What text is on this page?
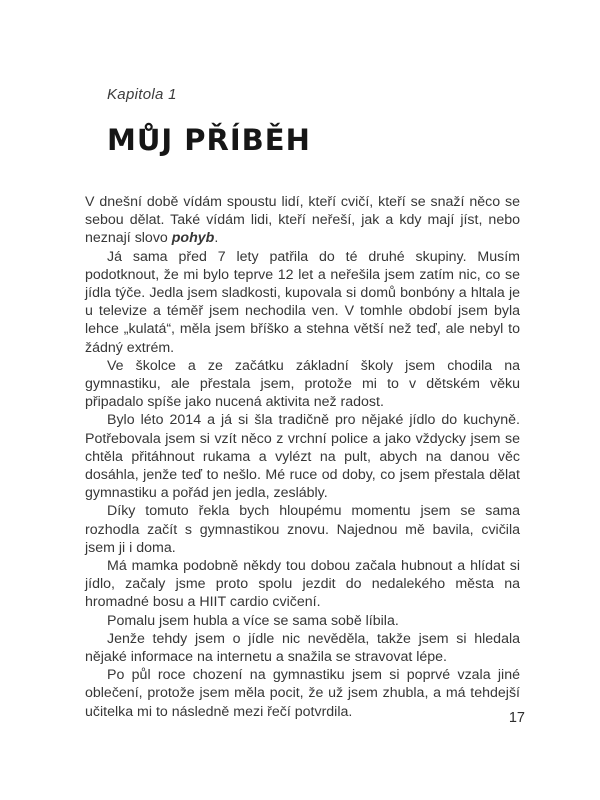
Kapitola 1
MŮJ PŘÍBĚH

V dnešní době vídám spoustu lidí, kteří cvičí, kteří se snaží něco se sebou dělat. Také vídám lidi, kteří neřeší, jak a kdy mají jíst, nebo neznají slovo pohyb.

Já sama před 7 lety patřila do té druhé skupiny. Musím podotknout, že mi bylo teprve 12 let a neřešila jsem zatím nic, co se jídla týče. Jedla jsem sladkosti, kupovala si domů bonbóny a hltala je u televize a téměř jsem nechodila ven. V tomhle období jsem byla lehce „kulatá“, měla jsem bříško a stehna větší než teď, ale nebyl to žádný extrém.

Ve školce a ze začátku základní školy jsem chodila na gymnastiku, ale přestala jsem, protože mi to v dětském věku připadalo spíše jako nucená aktivita než radost.

Bylo léto 2014 a já si šla tradičně pro nějaké jídlo do kuchyně. Potřebovala jsem si vzít něco z vrchní police a jako vždycky jsem se chtěla přitáhnout rukama a vylézt na pult, abych na danou věc dosáhla, jenže teď to nešlo. Mé ruce od doby, co jsem přestala dělat gymnastiku a pořád jen jedla, zeslábly.

Díky tomuto řekla bych hloupému momentu jsem se sama rozhodla začít s gymnastikou znovu. Najednou mě bavila, cvičila jsem ji i doma.

Má mamka podobně někdy tou dobou začala hubnout a hlídat si jídlo, začaly jsme proto spolu jezdit do nedalekého města na hromadné bosu a HIIT cardio cvičení.

Pomalu jsem hubla a více se sama sobě líbila.

Jenže tehdy jsem o jídle nic nevěděla, takže jsem si hledala nějaké informace na internetu a snažila se stravovat lépe.

Po půl roce chození na gymnastiku jsem si poprvé vzala jiné oblečení, protože jsem měla pocit, že už jsem zhubla, a má tehdejší učitelka mi to následně mezi řečí potvrdila.	17
